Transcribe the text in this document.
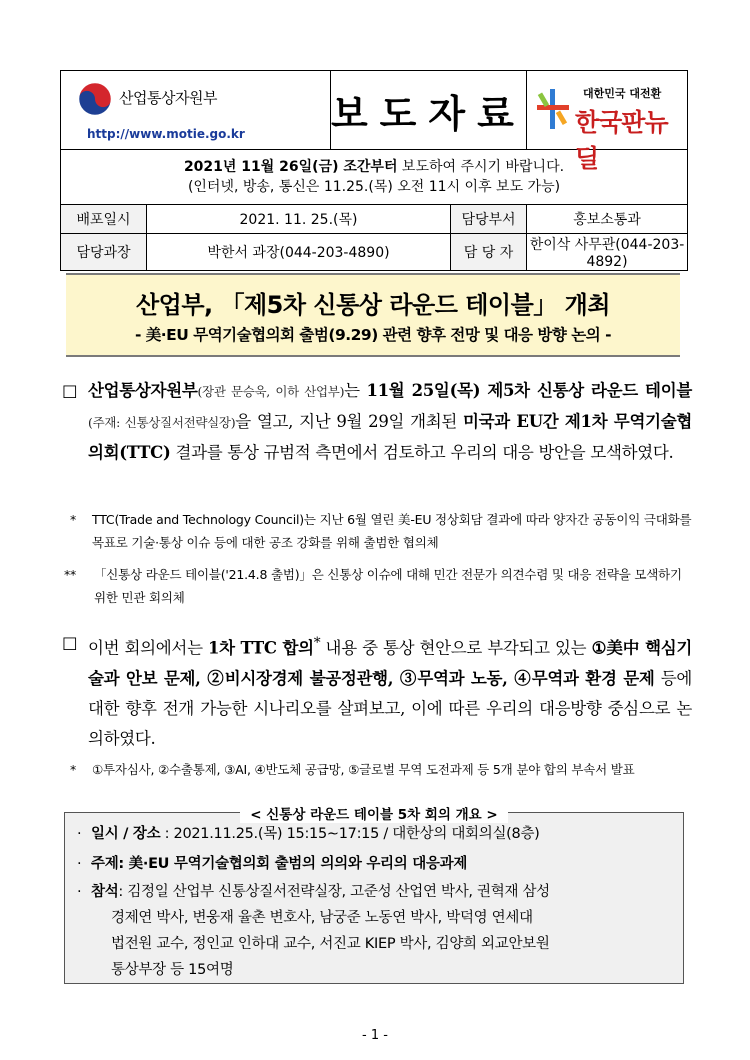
산업통상자원부
http://www.motie.go.kr		보도자료		대한민국 대전환
한국판뉴딜

2021년 11월 26일(금) 조간부터 보도하여 주시기 바랍니다.
(인터넷, 방송, 통신은 11.25.(목) 오전 11시 이후 보도 가능)				

배포일시	2021. 11. 25.(목)		담당부서	홍보소통과
담당과장	박한서 과장(044-203-4890)		담 당 자	한이삭 사무관(044-203-4892)
산업부, 「제5차 신통상 라운드 테이블」 개최
- 美·EU 무역기술협의회 출범(9.29) 관련 향후 전망 및 대응 방향 논의 -
□ 산업통상자원부(장관 문승욱, 이하 산업부)는 11월 25일(목) 제5차 신통상 라운드 테이블(주재: 신통상질서전략실장)을 열고, 지난 9월 29일 개최된 미국과 EU간 제1차 무역기술협의회(TTC) 결과를 통상 규범적 측면에서 검토하고 우리의 대응 방안을 모색하였다.
* TTC(Trade and Technology Council)는 지난 6월 열린 美-EU 정상회담 결과에 따라 양자간 공동이익 극대화를 목표로 기술·통상 이슈 등에 대한 공조 강화를 위해 출범한 협의체
** 「신통상 라운드 테이블('21.4.8 출범)」은 신통상 이슈에 대해 민간 전문가 의견수렴 및 대응 전략을 모색하기 위한 민관 회의체
□ 이번 회의에서는 1차 TTC 합의* 내용 중 통상 현안으로 부각되고 있는 ①美中 핵심기술과 안보 문제, ②비시장경제 불공정관행, ③무역과 노동, ④무역과 환경 문제 등에 대한 향후 전개 가능한 시나리오를 살펴보고, 이에 따른 우리의 대응방향 중심으로 논의하였다.
* ①투자심사, ②수출통제, ③AI, ④반도체 공급망, ⑤글로벌 무역 도전과제 등 5개 분야 합의 부속서 발표
< 신통상 라운드 테이블 5차 회의 개요 >
· 일시 / 장소 : 2021.11.25.(목) 15:15∼17:15 / 대한상의 대회의실(8층)
· 주제: 美·EU 무역기술협의회 출범의 의의와 우리의 대응과제
· 참석: 김정일 산업부 신통상질서전략실장, 고준성 산업연 박사, 권혁재 삼성
경제연 박사, 변웅재 율촌 변호사, 남궁준 노동연 박사, 박덕영 연세대
법전원 교수, 정인교 인하대 교수, 서진교 KIEP 박사, 김양희 외교안보원
통상부장 등 15여명
- 1 -
